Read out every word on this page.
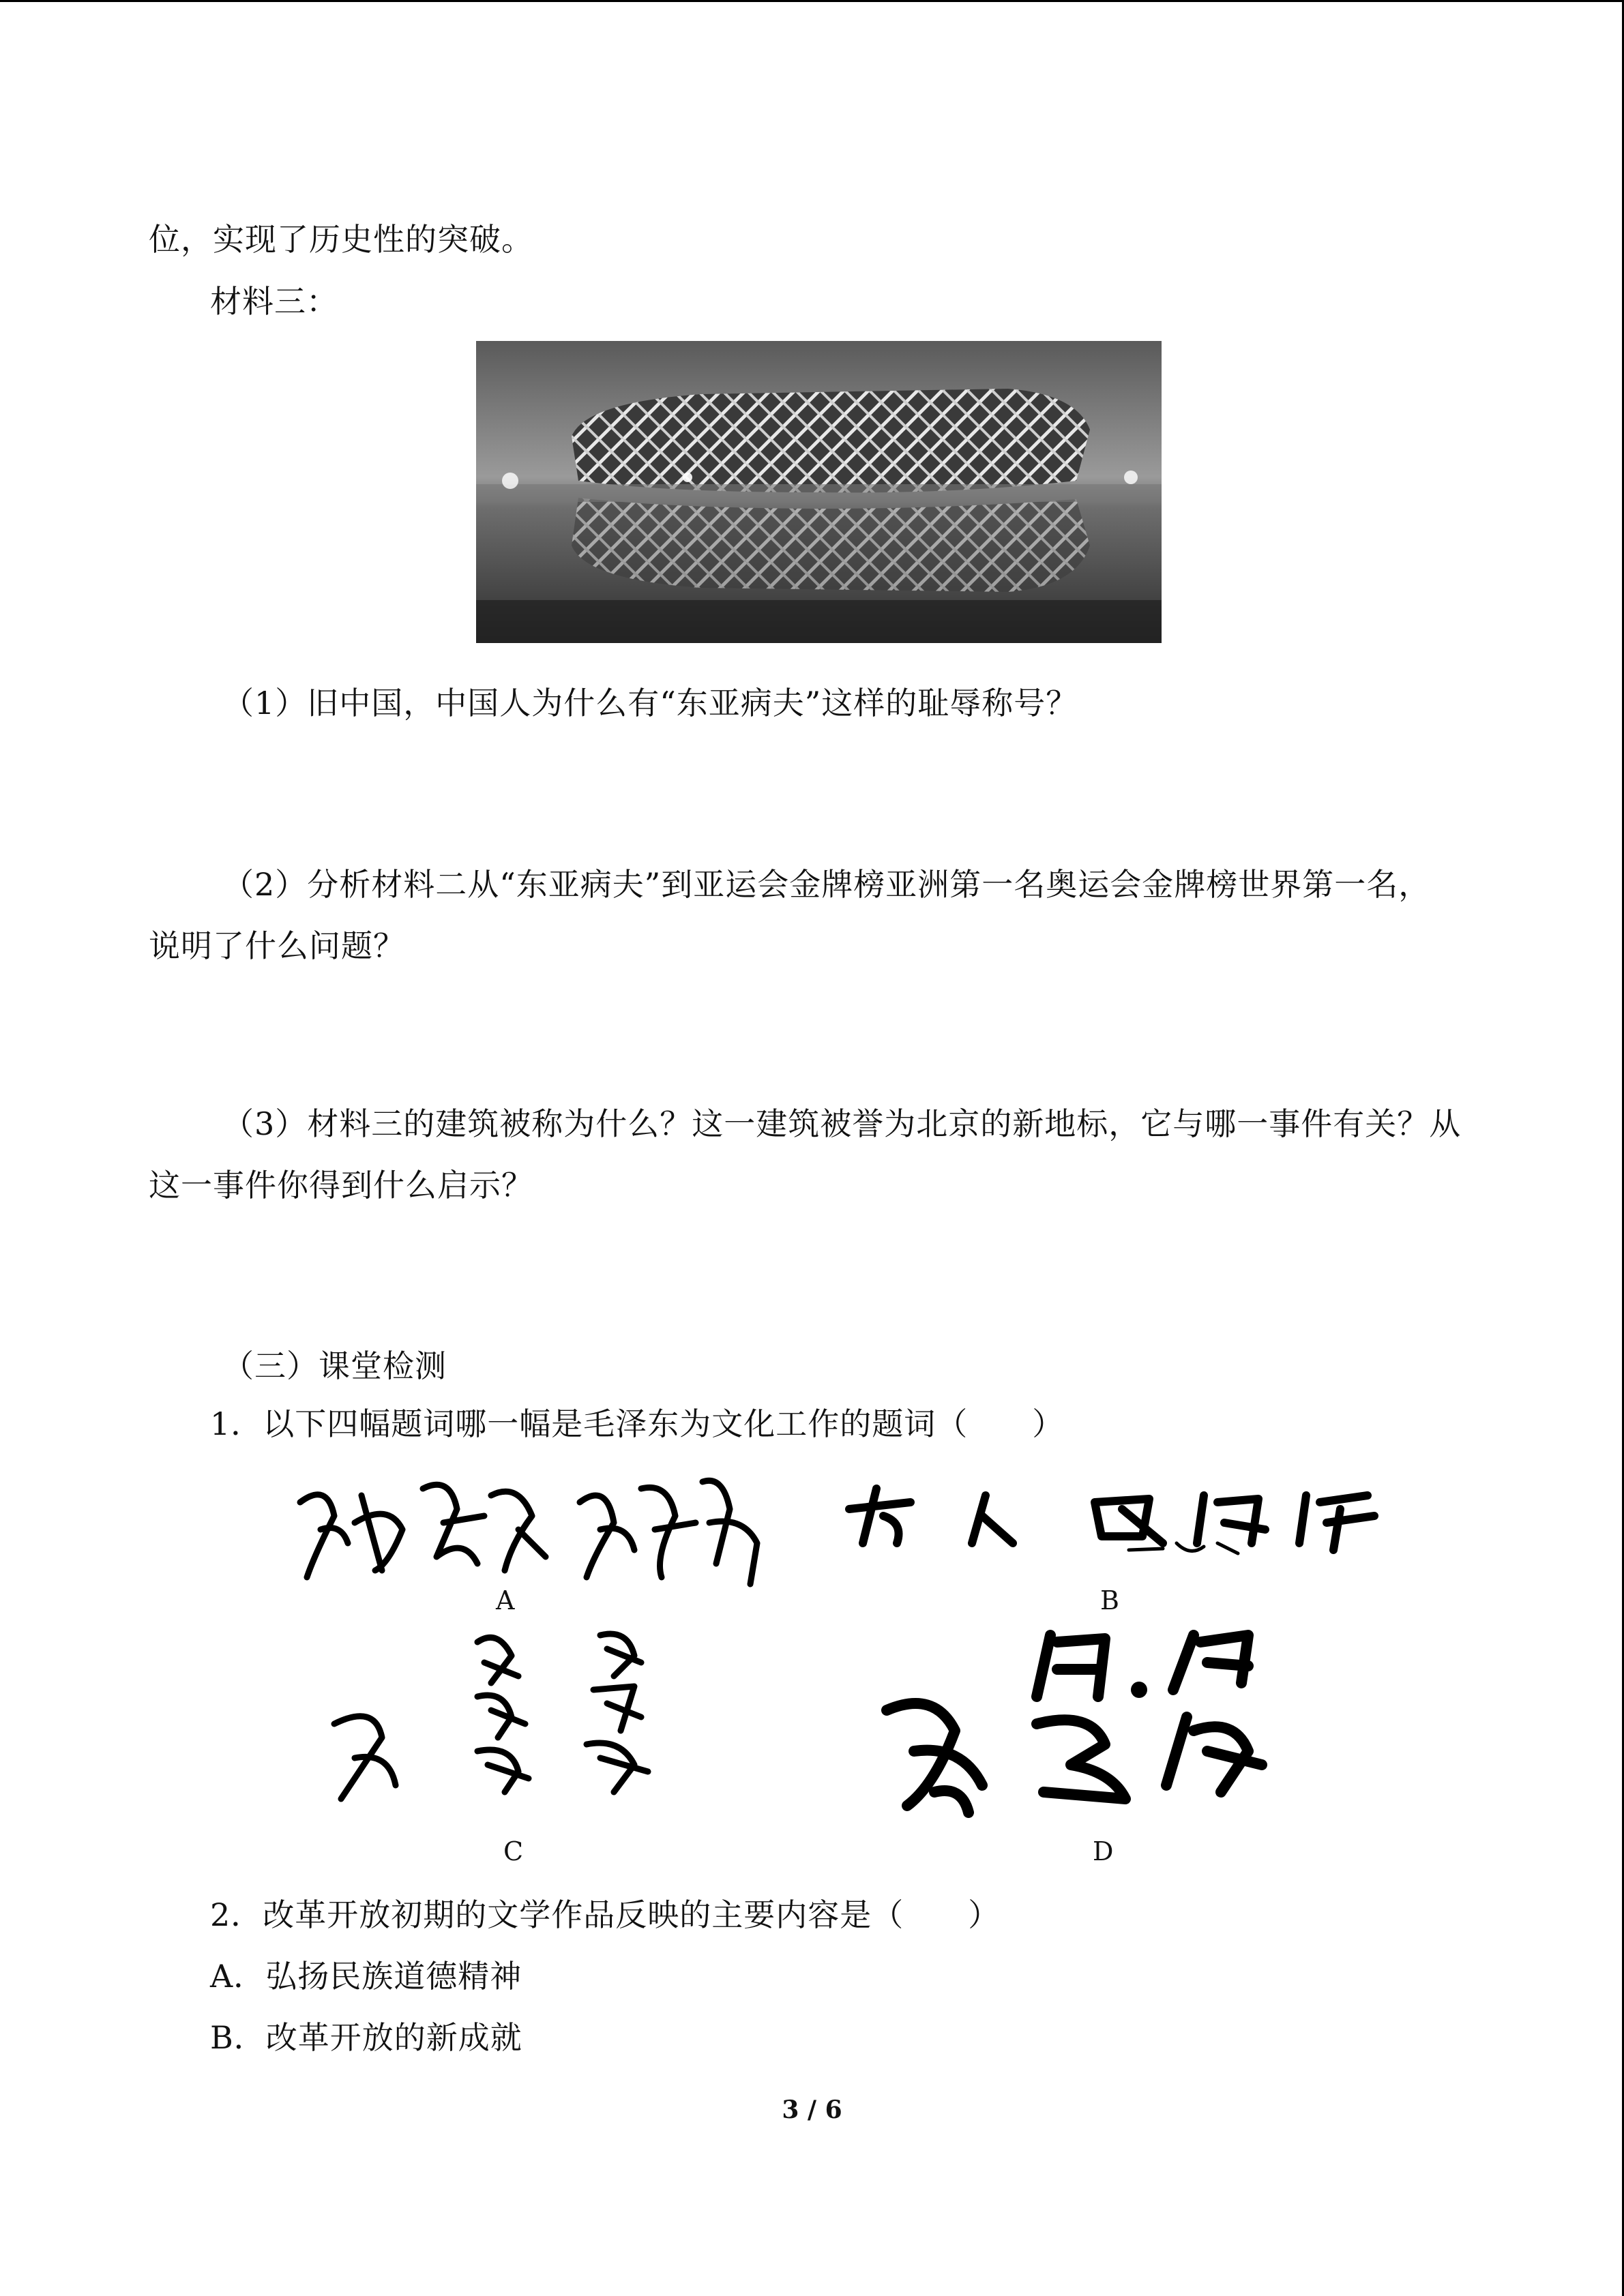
位，实现了历史性的突破。
材料三：
（1）旧中国，中国人为什么有“东亚病夫”这样的耻辱称号？
（2）分析材料二从“东亚病夫”到亚运会金牌榜亚洲第一名奥运会金牌榜世界第一名，
说明了什么问题？
（3）材料三的建筑被称为什么？这一建筑被誉为北京的新地标，它与哪一事件有关？从
这一事件你得到什么启示？
（三）课堂检测
1．以下四幅题词哪一幅是毛泽东为文化工作的题词（　　）
A	B
C	D
2．改革开放初期的文学作品反映的主要内容是（　　）
A．弘扬民族道德精神
B．改革开放的新成就
3 / 6
